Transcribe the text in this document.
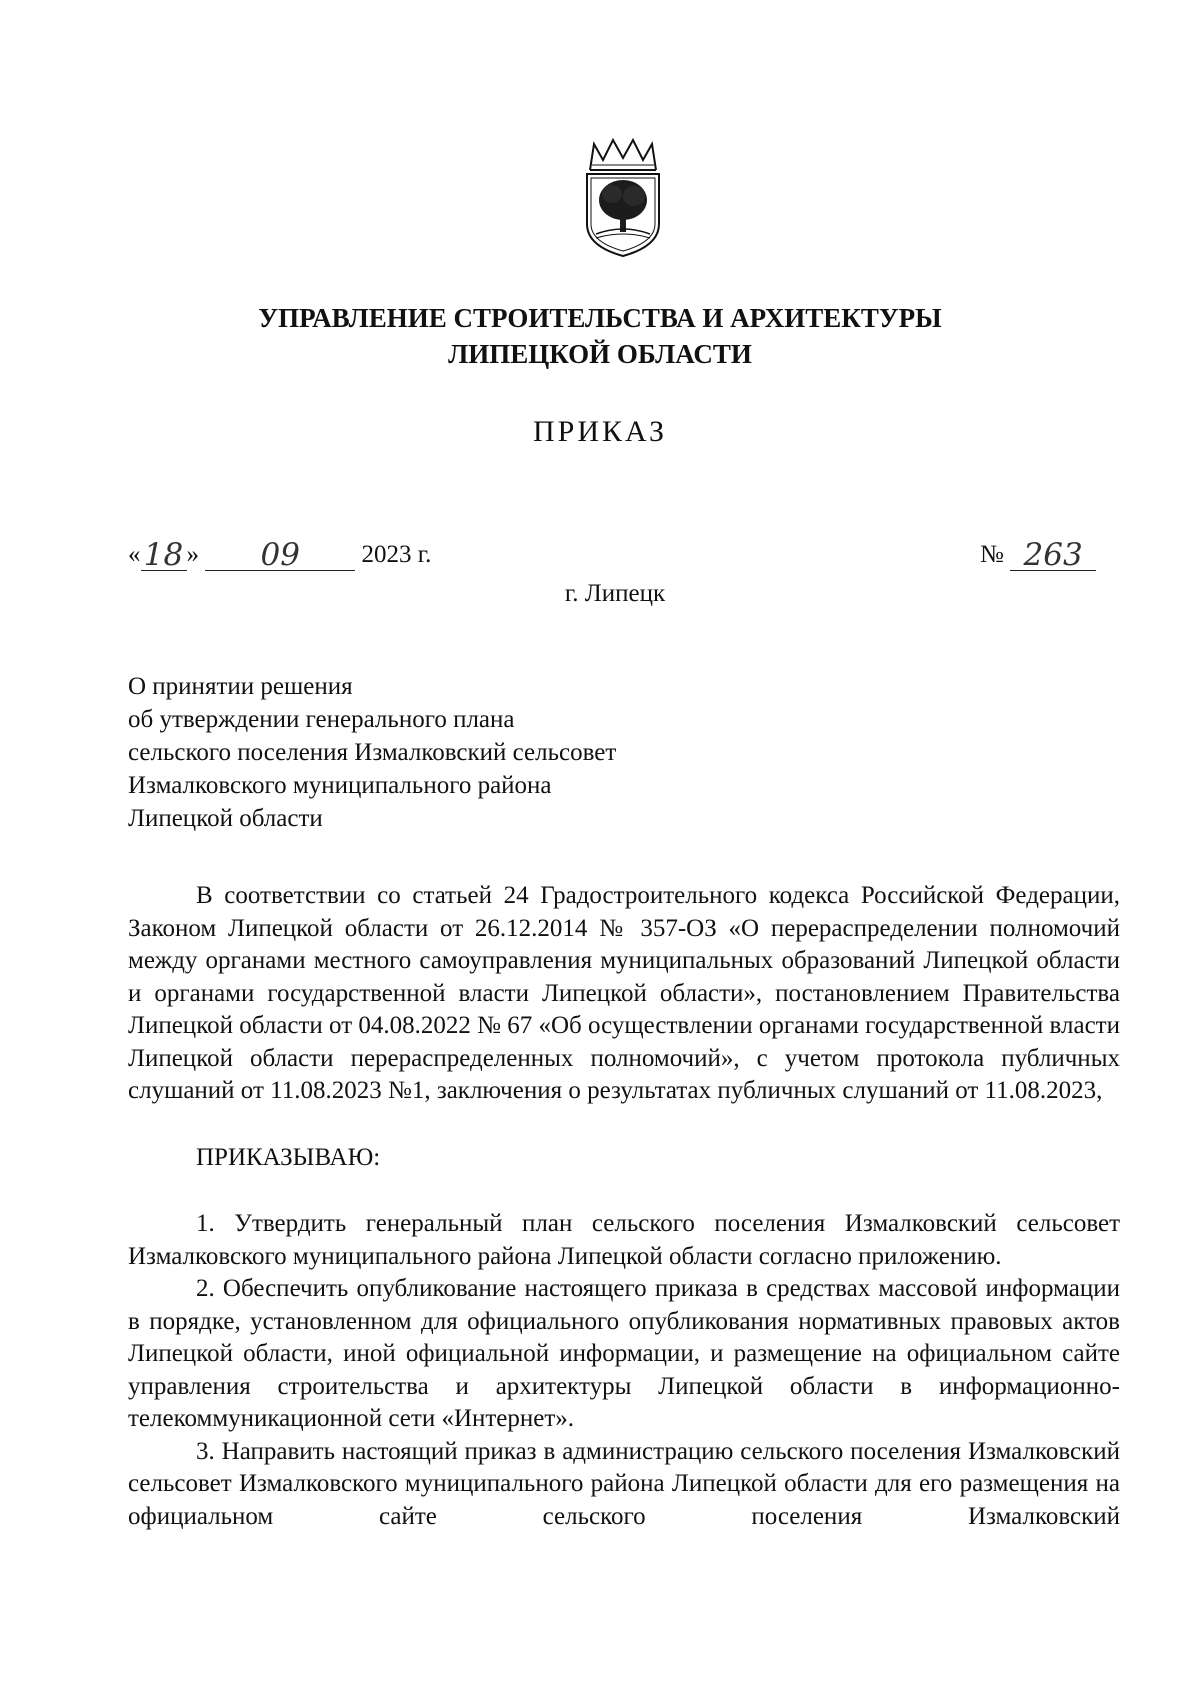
УПРАВЛЕНИЕ СТРОИТЕЛЬСТВА И АРХИТЕКТУРЫ
ЛИПЕЦКОЙ ОБЛАСТИ
ПРИКАЗ
« 18 » 09 2023 г.	№ 263
г. Липецк
О принятии решения
об утверждении генерального плана
сельского поселения Измалковский сельсовет
Измалковского муниципального района
Липецкой области

В соответствии со статьей 24 Градостроительного кодекса Российской Федерации, Законом Липецкой области от 26.12.2014 № 357-ОЗ «О перераспределении полномочий между органами местного самоуправления муниципальных образований Липецкой области и органами государственной власти Липецкой области», постановлением Правительства Липецкой области от 04.08.2022 № 67 «Об осуществлении органами государственной власти Липецкой области перераспределенных полномочий», с учетом протокола публичных слушаний от 11.08.2023 №1, заключения о результатах публичных слушаний от 11.08.2023,

ПРИКАЗЫВАЮ:

1. Утвердить генеральный план сельского поселения Измалковский сельсовет Измалковского муниципального района Липецкой области согласно приложению.

2. Обеспечить опубликование настоящего приказа в средствах массовой информации в порядке, установленном для официального опубликования нормативных правовых актов Липецкой области, иной официальной информации, и размещение на официальном сайте управления строительства и архитектуры Липецкой области в информационно-телекоммуникационной сети «Интернет».

3. Направить настоящий приказ в администрацию сельского поселения Измалковский сельсовет Измалковского муниципального района Липецкой области для его размещения на официальном сайте сельского поселения Измалковский
